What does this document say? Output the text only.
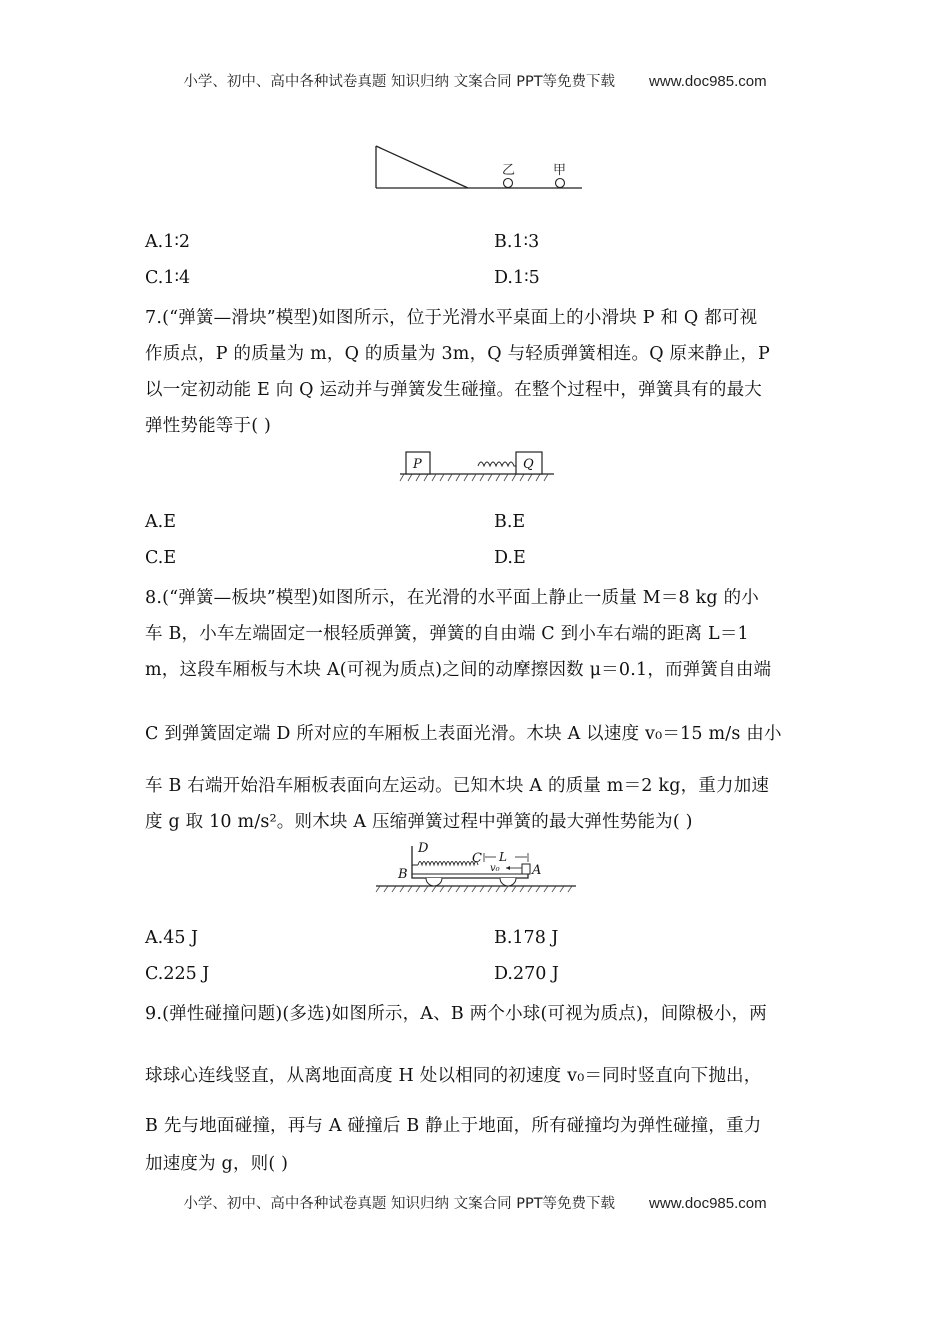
小学、初中、高中各种试卷真题 知识归纳 文案合同 PPT等免费下载 www.doc985.com
乙	甲
A.1∶2	B.1∶3
C.1∶4	D.1∶5
7.(“弹簧—滑块”模型)如图所示，位于光滑水平桌面上的小滑块 P 和 Q 都可视
作质点，P 的质量为 m，Q 的质量为 3m，Q 与轻质弹簧相连。Q 原来静止，P
以一定初动能 E 向 Q 运动并与弹簧发生碰撞。在整个过程中，弹簧具有的最大
弹性势能等于( )
P	Q
A.E	B.E
C.E	D.E
8.(“弹簧—板块”模型)如图所示，在光滑的水平面上静止一质量 M＝8 kg 的小
车 B，小车左端固定一根轻质弹簧，弹簧的自由端 C 到小车右端的距离 L＝1
m，这段车厢板与木块 A(可视为质点)之间的动摩擦因数 μ＝0.1，而弹簧自由端
C 到弹簧固定端 D 所对应的车厢板上表面光滑。木块 A 以速度 v₀＝15 m/s 由小
车 B 右端开始沿车厢板表面向左运动。已知木块 A 的质量 m＝2 kg，重力加速
度 g 取 10 m/s²。则木块 A 压缩弹簧过程中弹簧的最大弹性势能为( )
D
C L
v₀ A
B
A.45 J	B.178 J
C.225 J	D.270 J
9.(弹性碰撞问题)(多选)如图所示，A、B 两个小球(可视为质点)，间隙极小，两
球球心连线竖直，从离地面高度 H 处以相同的初速度 v₀＝同时竖直向下抛出，
B 先与地面碰撞，再与 A 碰撞后 B 静止于地面，所有碰撞均为弹性碰撞，重力
加速度为 g，则( )
小学、初中、高中各种试卷真题 知识归纳 文案合同 PPT等免费下载 www.doc985.com
